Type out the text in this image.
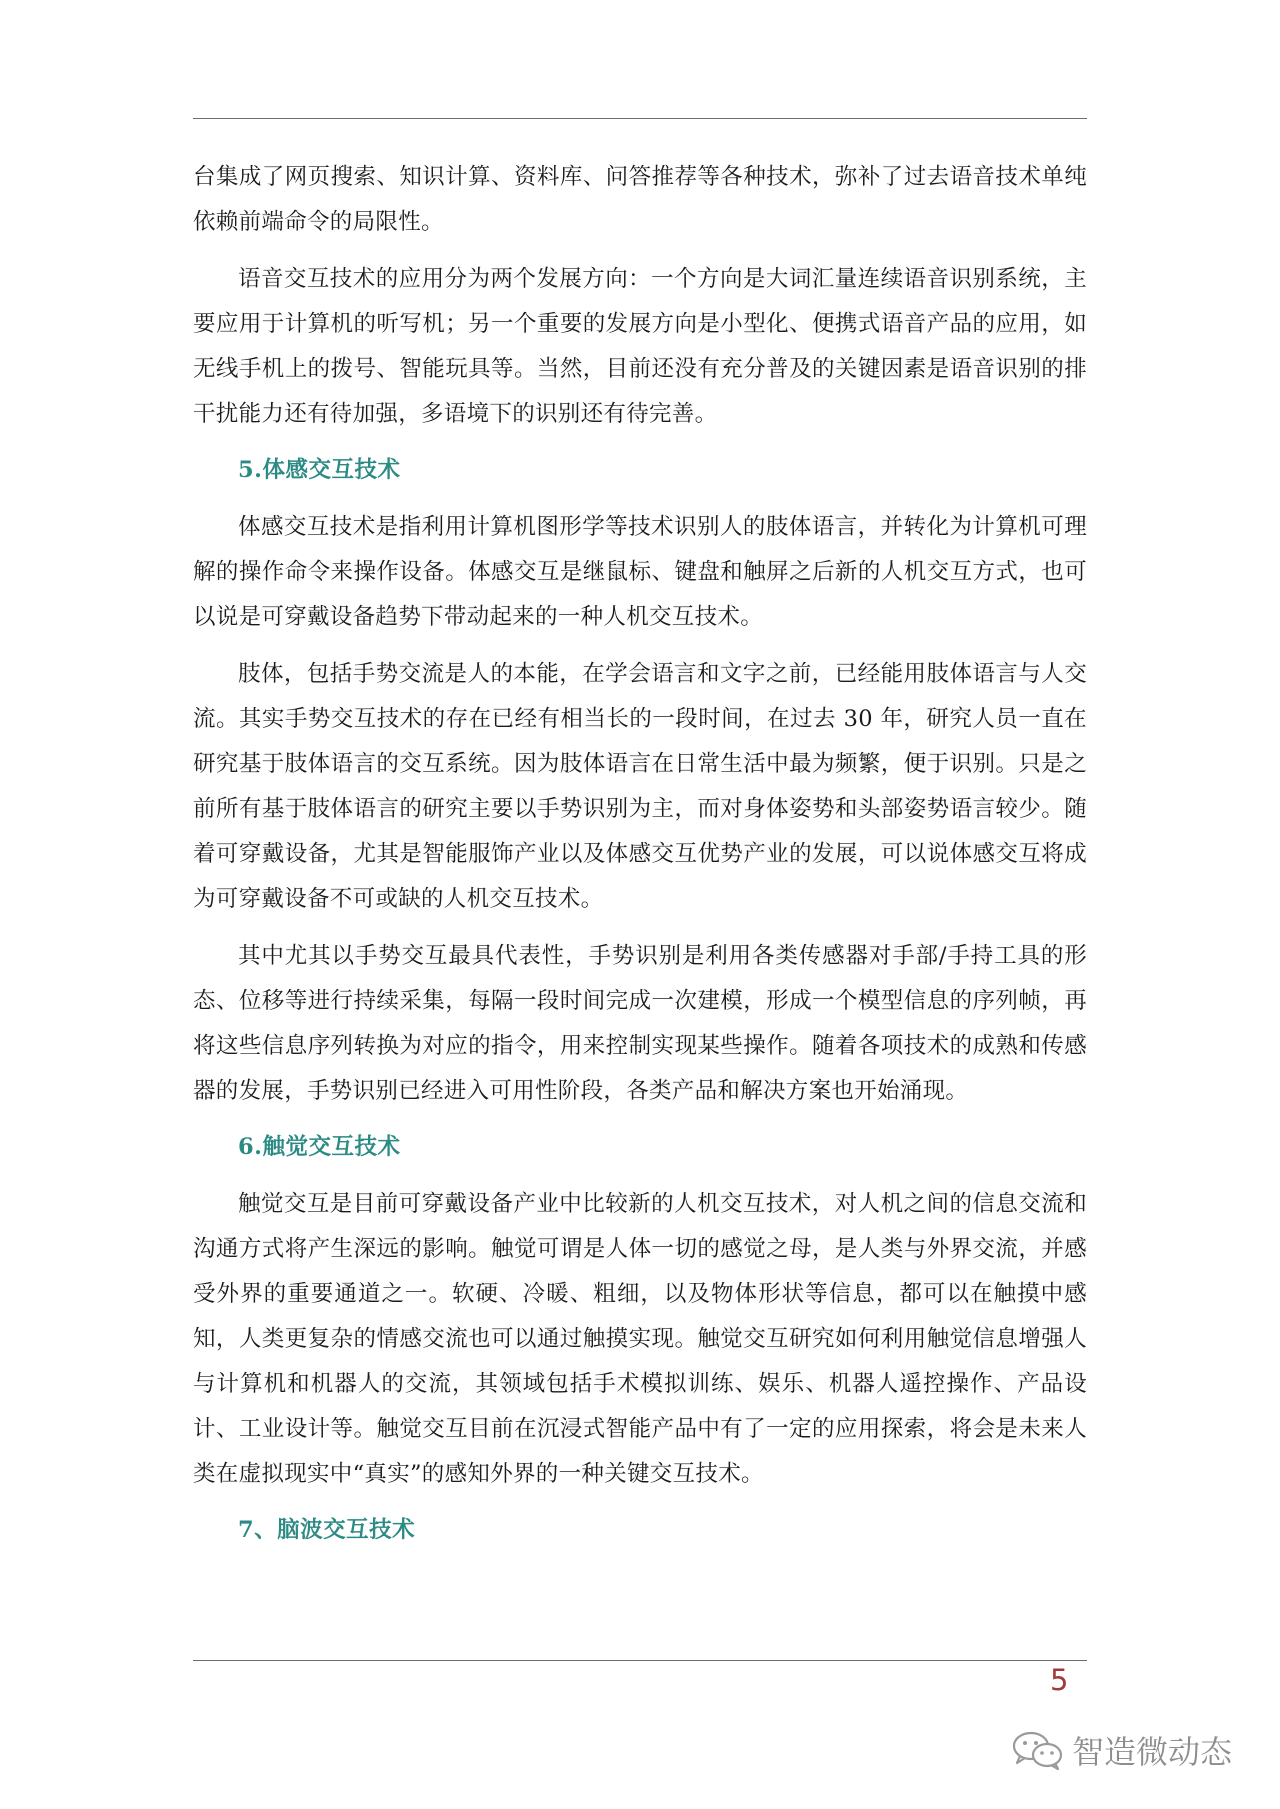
台集成了网页搜索、知识计算、资料库、问答推荐等各种技术，弥补了过去语音技术单纯依赖前端命令的局限性。

语音交互技术的应用分为两个发展方向：一个方向是大词汇量连续语音识别系统，主要应用于计算机的听写机；另一个重要的发展方向是小型化、便携式语音产品的应用，如无线手机上的拨号、智能玩具等。当然，目前还没有充分普及的关键因素是语音识别的排干扰能力还有待加强，多语境下的识别还有待完善。

5.体感交互技术

体感交互技术是指利用计算机图形学等技术识别人的肢体语言，并转化为计算机可理解的操作命令来操作设备。体感交互是继鼠标、键盘和触屏之后新的人机交互方式，也可以说是可穿戴设备趋势下带动起来的一种人机交互技术。

肢体，包括手势交流是人的本能，在学会语言和文字之前，已经能用肢体语言与人交流。其实手势交互技术的存在已经有相当长的一段时间，在过去 30 年，研究人员一直在研究基于肢体语言的交互系统。因为肢体语言在日常生活中最为频繁，便于识别。只是之前所有基于肢体语言的研究主要以手势识别为主，而对身体姿势和头部姿势语言较少。随着可穿戴设备，尤其是智能服饰产业以及体感交互优势产业的发展，可以说体感交互将成为可穿戴设备不可或缺的人机交互技术。

其中尤其以手势交互最具代表性，手势识别是利用各类传感器对手部/手持工具的形态、位移等进行持续采集，每隔一段时间完成一次建模，形成一个模型信息的序列帧，再将这些信息序列转换为对应的指令，用来控制实现某些操作。随着各项技术的成熟和传感器的发展，手势识别已经进入可用性阶段，各类产品和解决方案也开始涌现。

6.触觉交互技术

触觉交互是目前可穿戴设备产业中比较新的人机交互技术，对人机之间的信息交流和沟通方式将产生深远的影响。触觉可谓是人体一切的感觉之母，是人类与外界交流，并感受外界的重要通道之一。软硬、冷暖、粗细，以及物体形状等信息，都可以在触摸中感知，人类更复杂的情感交流也可以通过触摸实现。触觉交互研究如何利用触觉信息增强人与计算机和机器人的交流，其领域包括手术模拟训练、娱乐、机器人遥控操作、产品设计、工业设计等。触觉交互目前在沉浸式智能产品中有了一定的应用探索，将会是未来人类在虚拟现实中“真实”的感知外界的一种关键交互技术。

7、脑波交互技术
5
智造微动态
